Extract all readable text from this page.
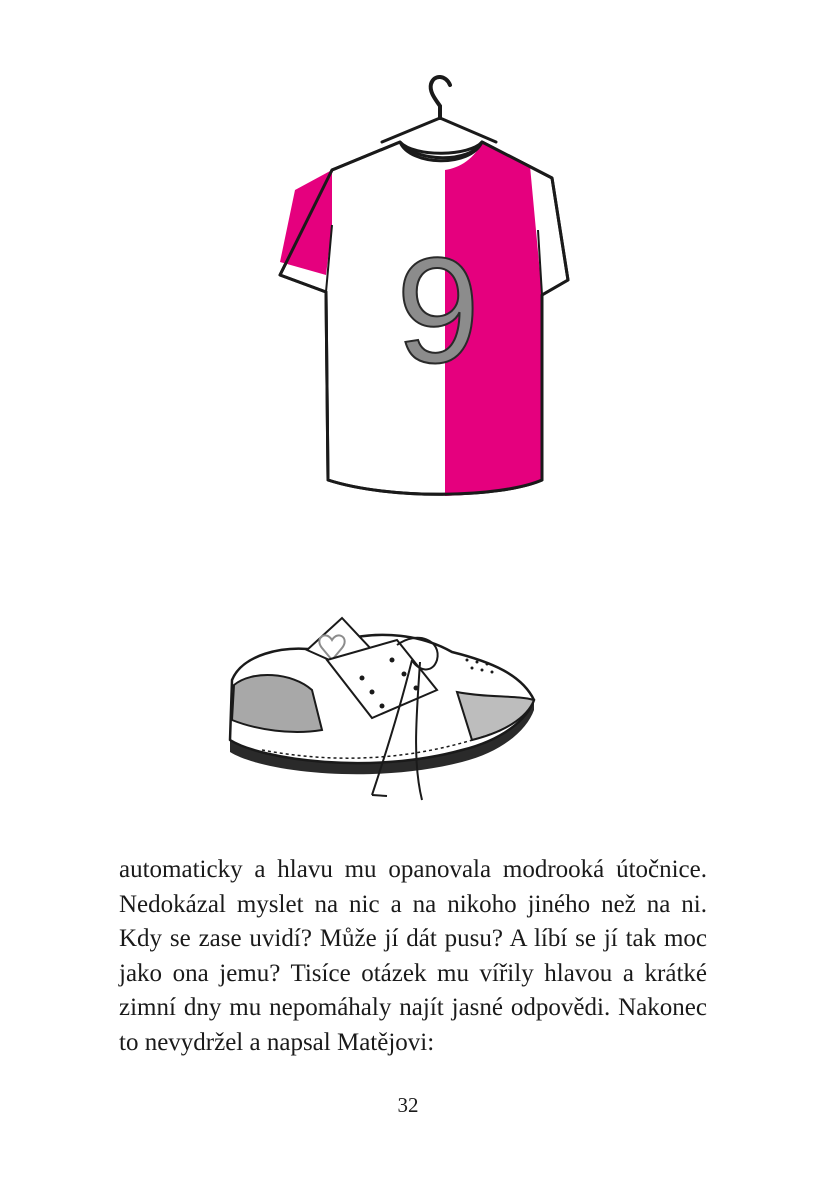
9
automaticky a hlavu mu opanovala modrooká útočnice.
Nedokázal myslet na nic a na nikoho jiného než na ni.
Kdy se zase uvidí? Může jí dát pusu? A líbí se jí tak moc
jako ona jemu? Tisíce otázek mu vířily hlavou a krátké
zimní dny mu nepomáhaly najít jasné odpovědi. Nakonec
to nevydržel a napsal Matějovi:
32
